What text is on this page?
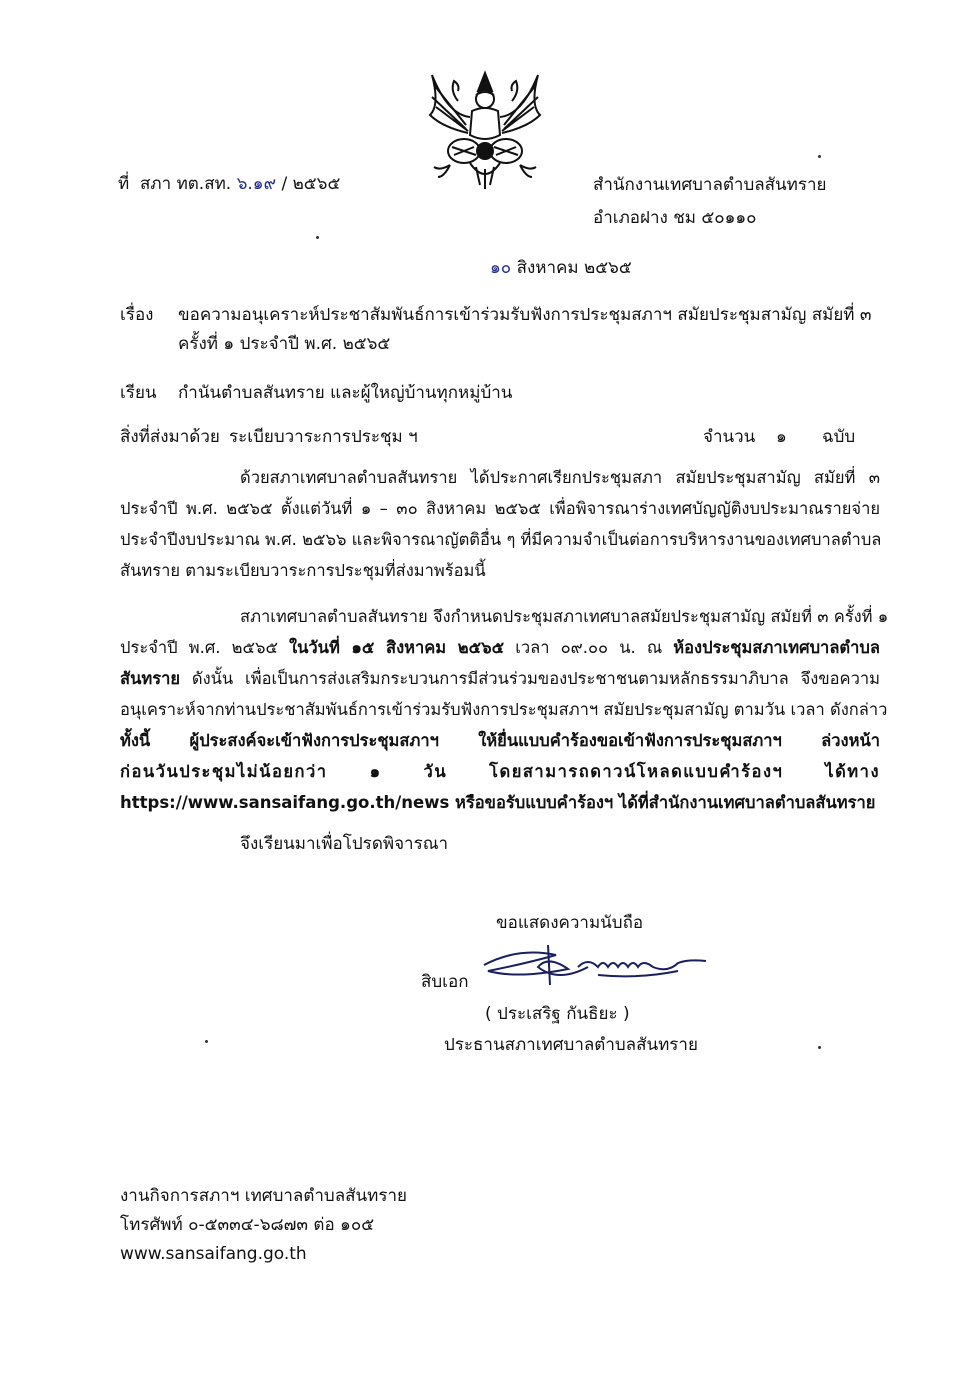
ที่ สภา ทต.สท. ๖.๑๙ / ๒๕๖๕	สำนักงานเทศบาลตำบลสันทราย
อำเภอฝาง ชม ๕๐๑๑๐
๑๐ สิงหาคม ๒๕๖๕
เรื่อง ขอความอนุเคราะห์ประชาสัมพันธ์การเข้าร่วมรับฟังการประชุมสภาฯ สมัยประชุมสามัญ สมัยที่ ๓
ครั้งที่ ๑ ประจำปี พ.ศ. ๒๕๖๕
เรียน กำนันตำบลสันทราย และผู้ใหญ่บ้านทุกหมู่บ้าน
สิ่งที่ส่งมาด้วย ระเบียบวาระการประชุม ฯ	จำนวน ๑ ฉบับ
ด้วยสภาเทศบาลตำบลสันทราย ได้ประกาศเรียกประชุมสภา สมัยประชุมสามัญ สมัยที่ ๓
ประจำปี พ.ศ. ๒๕๖๕ ตั้งแต่วันที่ ๑ – ๓๐ สิงหาคม ๒๕๖๕ เพื่อพิจารณาร่างเทศบัญญัติงบประมาณรายจ่าย
ประจำปีงบประมาณ พ.ศ. ๒๕๖๖ และพิจารณาญัตติอื่น ๆ ที่มีความจำเป็นต่อการบริหารงานของเทศบาลตำบล
สันทราย ตามระเบียบวาระการประชุมที่ส่งมาพร้อมนี้
สภาเทศบาลตำบลสันทราย จึงกำหนดประชุมสภาเทศบาลสมัยประชุมสามัญ สมัยที่ ๓ ครั้งที่ ๑
ประจำปี พ.ศ. ๒๕๖๕ ในวันที่ ๑๕ สิงหาคม ๒๕๖๕ เวลา ๐๙.๐๐ น. ณ ห้องประชุมสภาเทศบาลตำบล
สันทราย ดังนั้น เพื่อเป็นการส่งเสริมกระบวนการมีส่วนร่วมของประชาชนตามหลักธรรมาภิบาล จึงขอความ
อนุเคราะห์จากท่านประชาสัมพันธ์การเข้าร่วมรับฟังการประชุมสภาฯ สมัยประชุมสามัญ ตามวัน เวลา ดังกล่าว
ทั้งนี้ ผู้ประสงค์จะเข้าฟังการประชุมสภาฯ ให้ยื่นแบบคำร้องขอเข้าฟังการประชุมสภาฯ ล่วงหน้า
ก่อนวันประชุมไม่น้อยกว่า ๑ วัน โดยสามารถดาวน์โหลดแบบคำร้องฯ ได้ทาง
https://www.sansaifang.go.th/news หรือขอรับแบบคำร้องฯ ได้ที่สำนักงานเทศบาลตำบลสันทราย
จึงเรียนมาเพื่อโปรดพิจารณา
ขอแสดงความนับถือ
สิบเอก
( ประเสริฐ กันธิยะ )
ประธานสภาเทศบาลตำบลสันทราย
งานกิจการสภาฯ เทศบาลตำบลสันทราย
โทรศัพท์ ๐-๕๓๓๔-๖๘๗๓ ต่อ ๑๐๕
www.sansaifang.go.th
